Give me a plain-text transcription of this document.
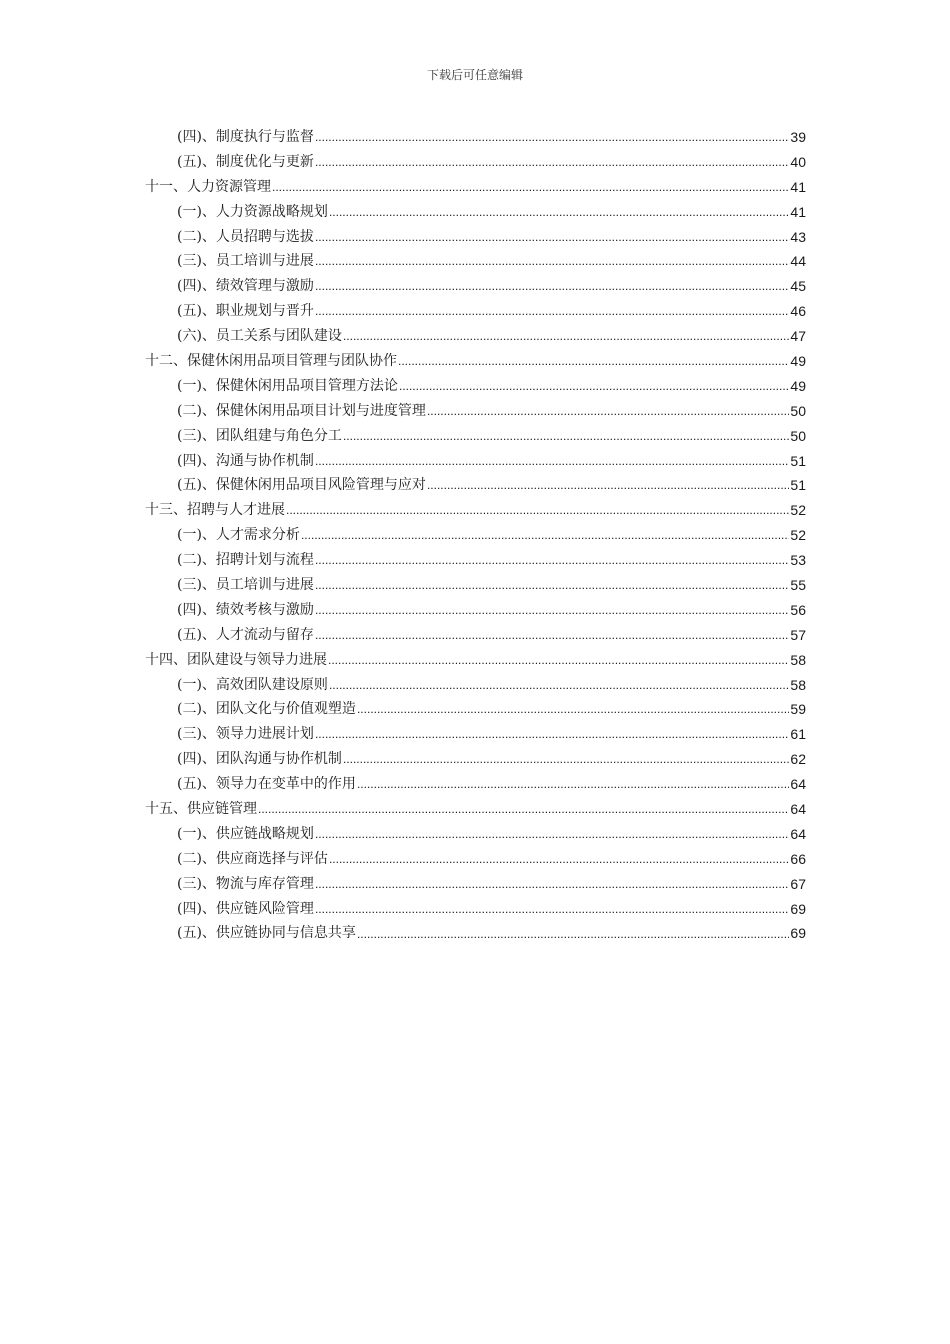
下载后可任意编辑
(四)、制度执行与监督 .....	39
(五)、制度优化与更新 .....	40
十一、人力资源管理 .....	41
(一)、人力资源战略规划 .....	41
(二)、人员招聘与选拔 .....	43
(三)、员工培训与进展 .....	44
(四)、绩效管理与激励 .....	45
(五)、职业规划与晋升 .....	46
(六)、员工关系与团队建设 .....	47
十二、保健休闲用品项目管理与团队协作 .....	49
(一)、保健休闲用品项目管理方法论 .....	49
(二)、保健休闲用品项目计划与进度管理 .....	50
(三)、团队组建与角色分工 .....	50
(四)、沟通与协作机制 .....	51
(五)、保健休闲用品项目风险管理与应对 .....	51
十三、招聘与人才进展 .....	52
(一)、人才需求分析 .....	52
(二)、招聘计划与流程 .....	53
(三)、员工培训与进展 .....	55
(四)、绩效考核与激励 .....	56
(五)、人才流动与留存 .....	57
十四、团队建设与领导力进展 .....	58
(一)、高效团队建设原则 .....	58
(二)、团队文化与价值观塑造 .....	59
(三)、领导力进展计划 .....	61
(四)、团队沟通与协作机制 .....	62
(五)、领导力在变革中的作用 .....	64
十五、供应链管理 .....	64
(一)、供应链战略规划 .....	64
(二)、供应商选择与评估 .....	66
(三)、物流与库存管理 .....	67
(四)、供应链风险管理 .....	69
(五)、供应链协同与信息共享 .....	69
